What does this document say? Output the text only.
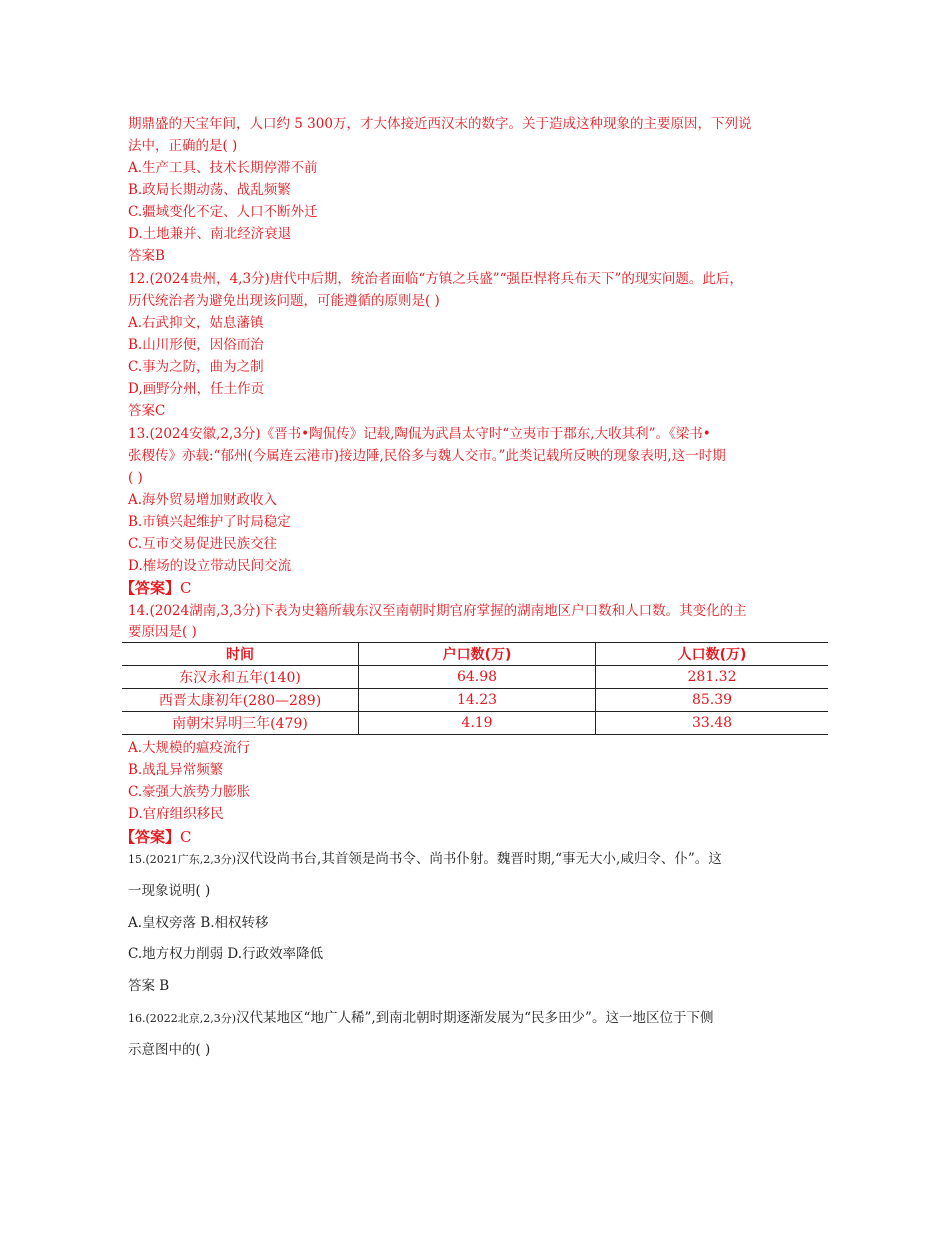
期鼎盛的天宝年间，人口约 5 300万，才大体接近西汉末的数字。关于造成这种现象的主要原因，下列说
法中，正确的是( )
A.生产工具、技术长期停滞不前
B.政局长期动荡、战乱频繁
C.疆域变化不定、人口不断外迁
D.土地兼并、南北经济衰退
答案B
12.(2024贵州，4,3分)唐代中后期，统治者面临“方镇之兵盛”“强臣悍将兵布天下”的现实问题。此后，
历代统治者为避免出现该问题，可能遵循的原则是( )
A.右武抑文，姑息藩镇
B.山川形便，因俗而治
C.事为之防，曲为之制
D,画野分州，任土作贡
答案C
13.(2024安徽,2,3分)《晋书•陶侃传》记载,陶侃为武昌太守时“立夷市于郡东,大收其利”。《梁书•
张稷传》亦载:“郁州(今属连云港市)接边陲,民俗多与魏人交市。”此类记载所反映的现象表明,这一时期
( )
A.海外贸易增加财政收入
B.市镇兴起维护了时局稳定
C.互市交易促进民族交往
D.榷场的设立带动民间交流
【答案】C
14.(2024湖南,3,3分)下表为史籍所载东汉至南朝时期官府掌握的湖南地区户口数和人口数。其变化的主
要原因是( )
时间	户口数(万)	人口数(万)
东汉永和五年(140)	64.98	281.32
西晋太康初年(280—289)	14.23	85.39
南朝宋昇明三年(479)	4.19	33.48
A.大规模的瘟疫流行
B.战乱异常频繁
C.豪强大族势力膨胀
D.官府组织移民
【答案】C
15.(2021广东,2,3分)汉代设尚书台,其首领是尚书令、尚书仆射。魏晋时期,“事无大小,咸归令、仆”。这
一现象说明( )
A.皇权旁落 B.相权转移
C.地方权力削弱 D.行政效率降低
答案 B
16.(2022北京,2,3分)汉代某地区“地广人稀”,到南北朝时期逐渐发展为“民多田少”。这一地区位于下侧
示意图中的( )
